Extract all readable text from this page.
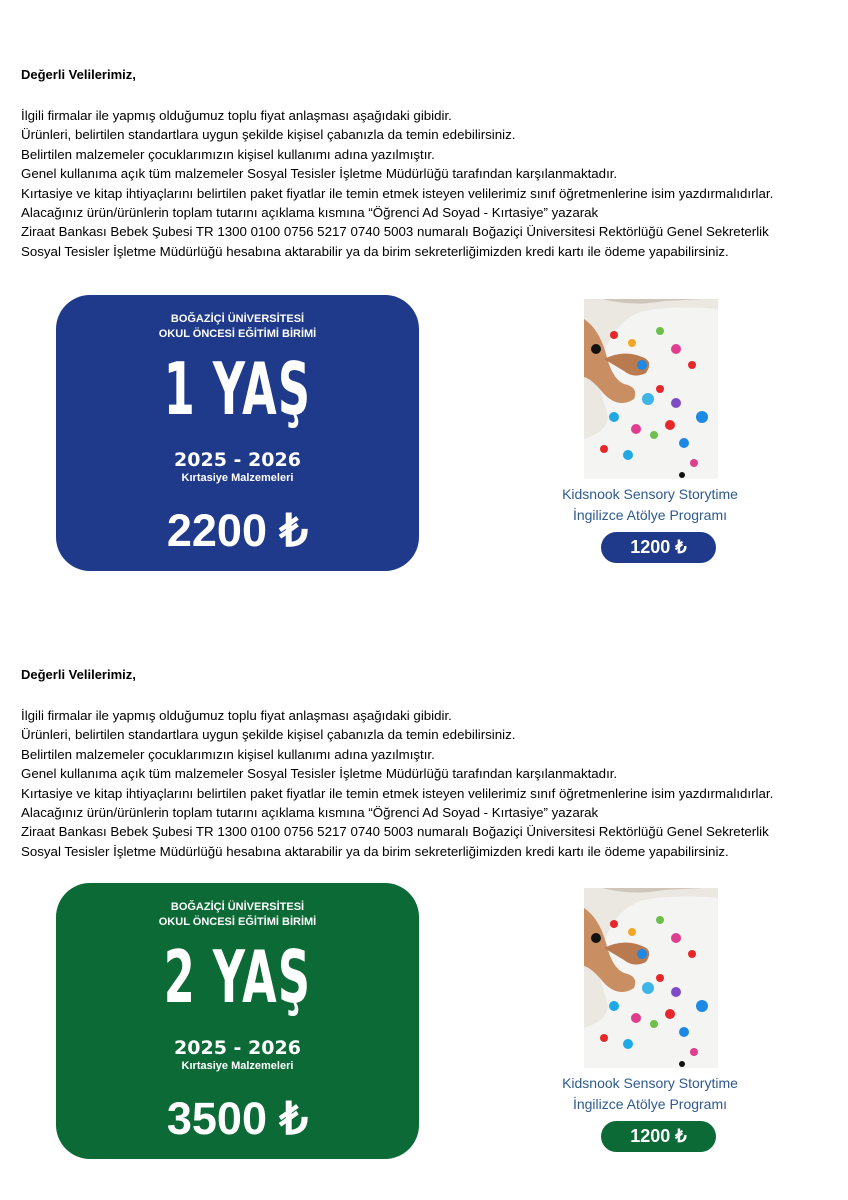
Değerli Velilerimiz,

İlgili firmalar ile yapmış olduğumuz toplu fiyat anlaşması aşağıdaki gibidir.
Ürünleri, belirtilen standartlara uygun şekilde kişisel çabanızla da temin edebilirsiniz.
Belirtilen malzemeler çocuklarımızın kişisel kullanımı adına yazılmıştır.
Genel kullanıma açık tüm malzemeler Sosyal Tesisler İşletme Müdürlüğü tarafından karşılanmaktadır.
Kırtasiye ve kitap ihtiyaçlarını belirtilen paket fiyatlar ile temin etmek isteyen velilerimiz sınıf öğretmenlerine isim yazdırmalıdırlar.
Alacağınız ürün/ürünlerin toplam tutarını açıklama kısmına “Öğrenci Ad Soyad - Kırtasiye” yazarak
Ziraat Bankası Bebek Şubesi TR 1300 0100 0756 5217 0740 5003 numaralı Boğaziçi Üniversitesi Rektörlüğü Genel Sekreterlik
Sosyal Tesisler İşletme Müdürlüğü hesabına aktarabilir ya da birim sekreterliğimizden kredi kartı ile ödeme yapabilirsiniz.

BOĞAZİÇİ ÜNİVERSİTESİ
OKUL ÖNCESİ EĞİTİMİ BİRİMİ
1 YAŞ
2025 - 2026
Kırtasiye Malzemeleri
2200 ₺
Kidsnook Sensory Storytime
İngilizce Atölye Programı
1200 ₺

Değerli Velilerimiz,

İlgili firmalar ile yapmış olduğumuz toplu fiyat anlaşması aşağıdaki gibidir.
Ürünleri, belirtilen standartlara uygun şekilde kişisel çabanızla da temin edebilirsiniz.
Belirtilen malzemeler çocuklarımızın kişisel kullanımı adına yazılmıştır.
Genel kullanıma açık tüm malzemeler Sosyal Tesisler İşletme Müdürlüğü tarafından karşılanmaktadır.
Kırtasiye ve kitap ihtiyaçlarını belirtilen paket fiyatlar ile temin etmek isteyen velilerimiz sınıf öğretmenlerine isim yazdırmalıdırlar.
Alacağınız ürün/ürünlerin toplam tutarını açıklama kısmına “Öğrenci Ad Soyad - Kırtasiye” yazarak
Ziraat Bankası Bebek Şubesi TR 1300 0100 0756 5217 0740 5003 numaralı Boğaziçi Üniversitesi Rektörlüğü Genel Sekreterlik
Sosyal Tesisler İşletme Müdürlüğü hesabına aktarabilir ya da birim sekreterliğimizden kredi kartı ile ödeme yapabilirsiniz.

BOĞAZİÇİ ÜNİVERSİTESİ
OKUL ÖNCESİ EĞİTİMİ BİRİMİ
2 YAŞ
2025 - 2026
Kırtasiye Malzemeleri
3500 ₺
Kidsnook Sensory Storytime
İngilizce Atölye Programı
1200 ₺
